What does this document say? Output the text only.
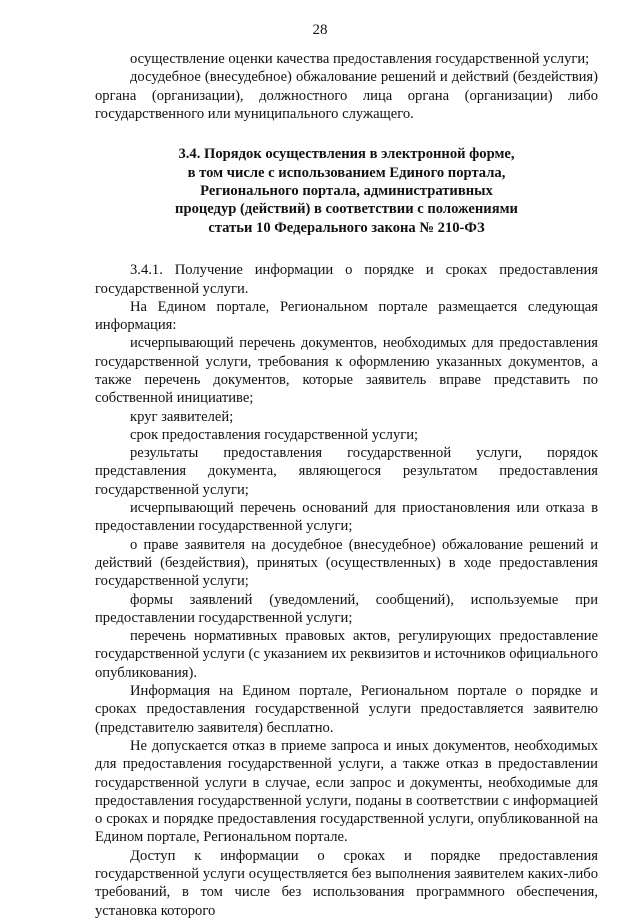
28

осуществление оценки качества предоставления государственной услуги;

досудебное (внесудебное) обжалование решений и действий (бездействия) органа (организации), должностного лица органа (организации) либо государственного или муниципального служащего.

3.4. Порядок осуществления в электронной форме,
в том числе с использованием Единого портала,
Регионального портала, административных
процедур (действий) в соответствии с положениями
статьи 10 Федерального закона № 210-ФЗ

3.4.1. Получение информации о порядке и сроках предоставления государственной услуги.

На Едином портале, Региональном портале размещается следующая информация:

исчерпывающий перечень документов, необходимых для предоставления государственной услуги, требования к оформлению указанных документов, а также перечень документов, которые заявитель вправе представить по собственной инициативе;

круг заявителей;

срок предоставления государственной услуги;

результаты предоставления государственной услуги, порядок представления документа, являющегося результатом предоставления государственной услуги;

исчерпывающий перечень оснований для приостановления или отказа в предоставлении государственной услуги;

о праве заявителя на досудебное (внесудебное) обжалование решений и действий (бездействия), принятых (осуществленных) в ходе предоставления государственной услуги;

формы заявлений (уведомлений, сообщений), используемые при предоставлении государственной услуги;

перечень нормативных правовых актов, регулирующих предоставление государственной услуги (с указанием их реквизитов и источников официального опубликования).

Информация на Едином портале, Региональном портале о порядке и сроках предоставления государственной услуги предоставляется заявителю (представителю заявителя) бесплатно.

Не допускается отказ в приеме запроса и иных документов, необходимых для предоставления государственной услуги, а также отказ в предоставлении государственной услуги в случае, если запрос и документы, необходимые для предоставления государственной услуги, поданы в соответствии с информацией о сроках и порядке предоставления государственной услуги, опубликованной на Едином портале, Региональном портале.

Доступ к информации о сроках и порядке предоставления государственной услуги осуществляется без выполнения заявителем каких-либо требований, в том числе без использования программного обеспечения, установка которого
